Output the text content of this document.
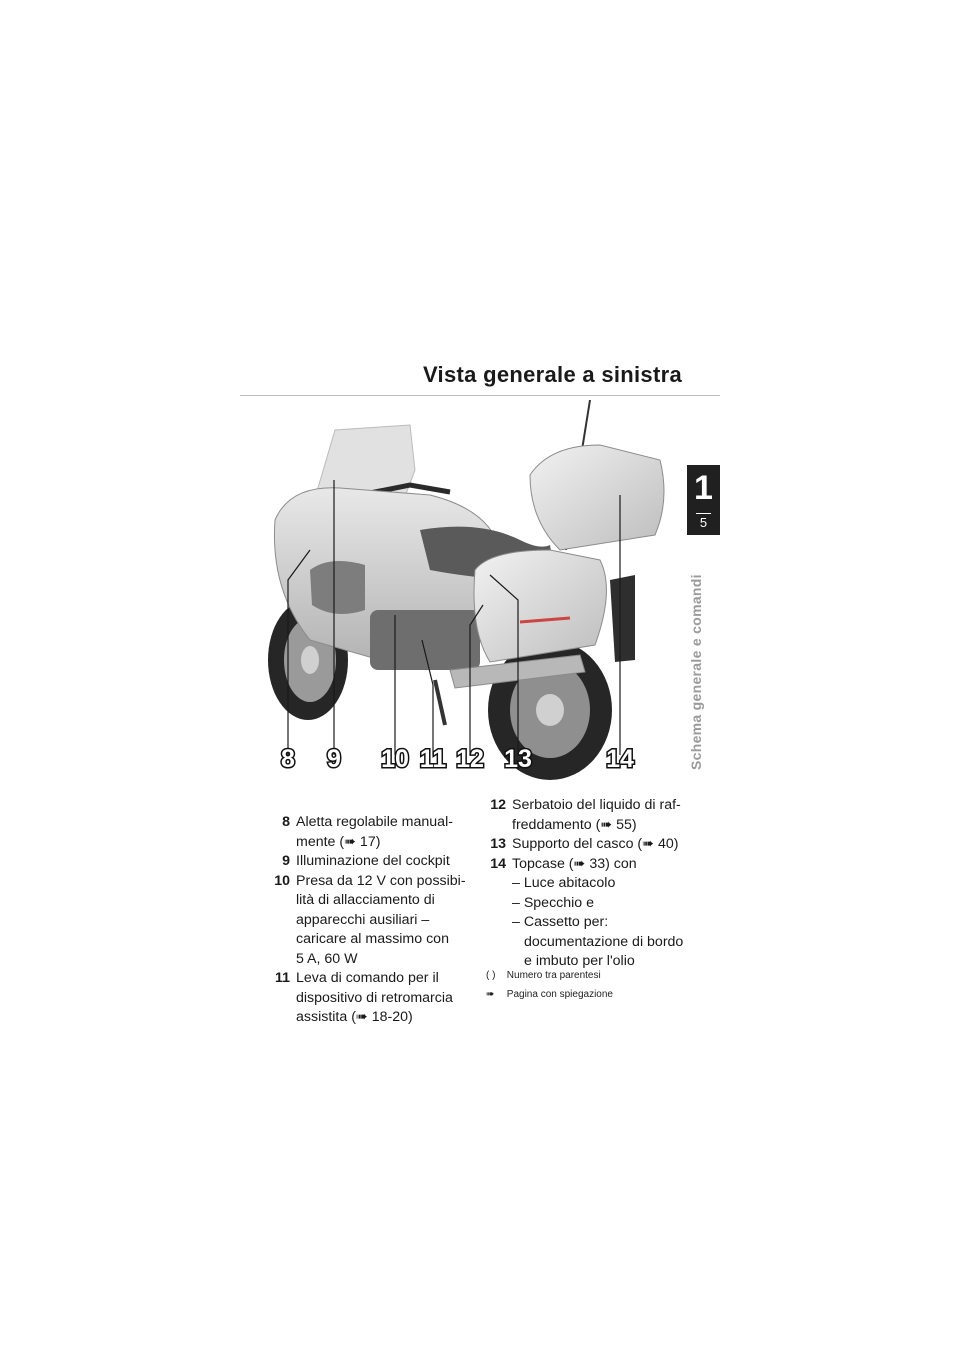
Vista generale a sinistra
1
5
Schema generale e comandi
8 9 10 11 12 13	14
8 Aletta regolabile manual-
mente (➠ 17)
9 Illuminazione del cockpit
10 Presa da 12 V con possibi-
lità di allacciamento di
apparecchi ausiliari –
caricare al massimo con
5 A, 60 W
11 Leva di comando per il
dispositivo di retromarcia
assistita (➠ 18-20)
12 Serbatoio del liquido di raf-
freddamento (➠ 55)
13 Supporto del casco (➠ 40)
14 Topcase (➠ 33) con
– Luce abitacolo
– Specchio e
– Cassetto per:
documentazione di bordo
e imbuto per l'olio
( ) Numero tra parentesi
➠ Pagina con spiegazione
